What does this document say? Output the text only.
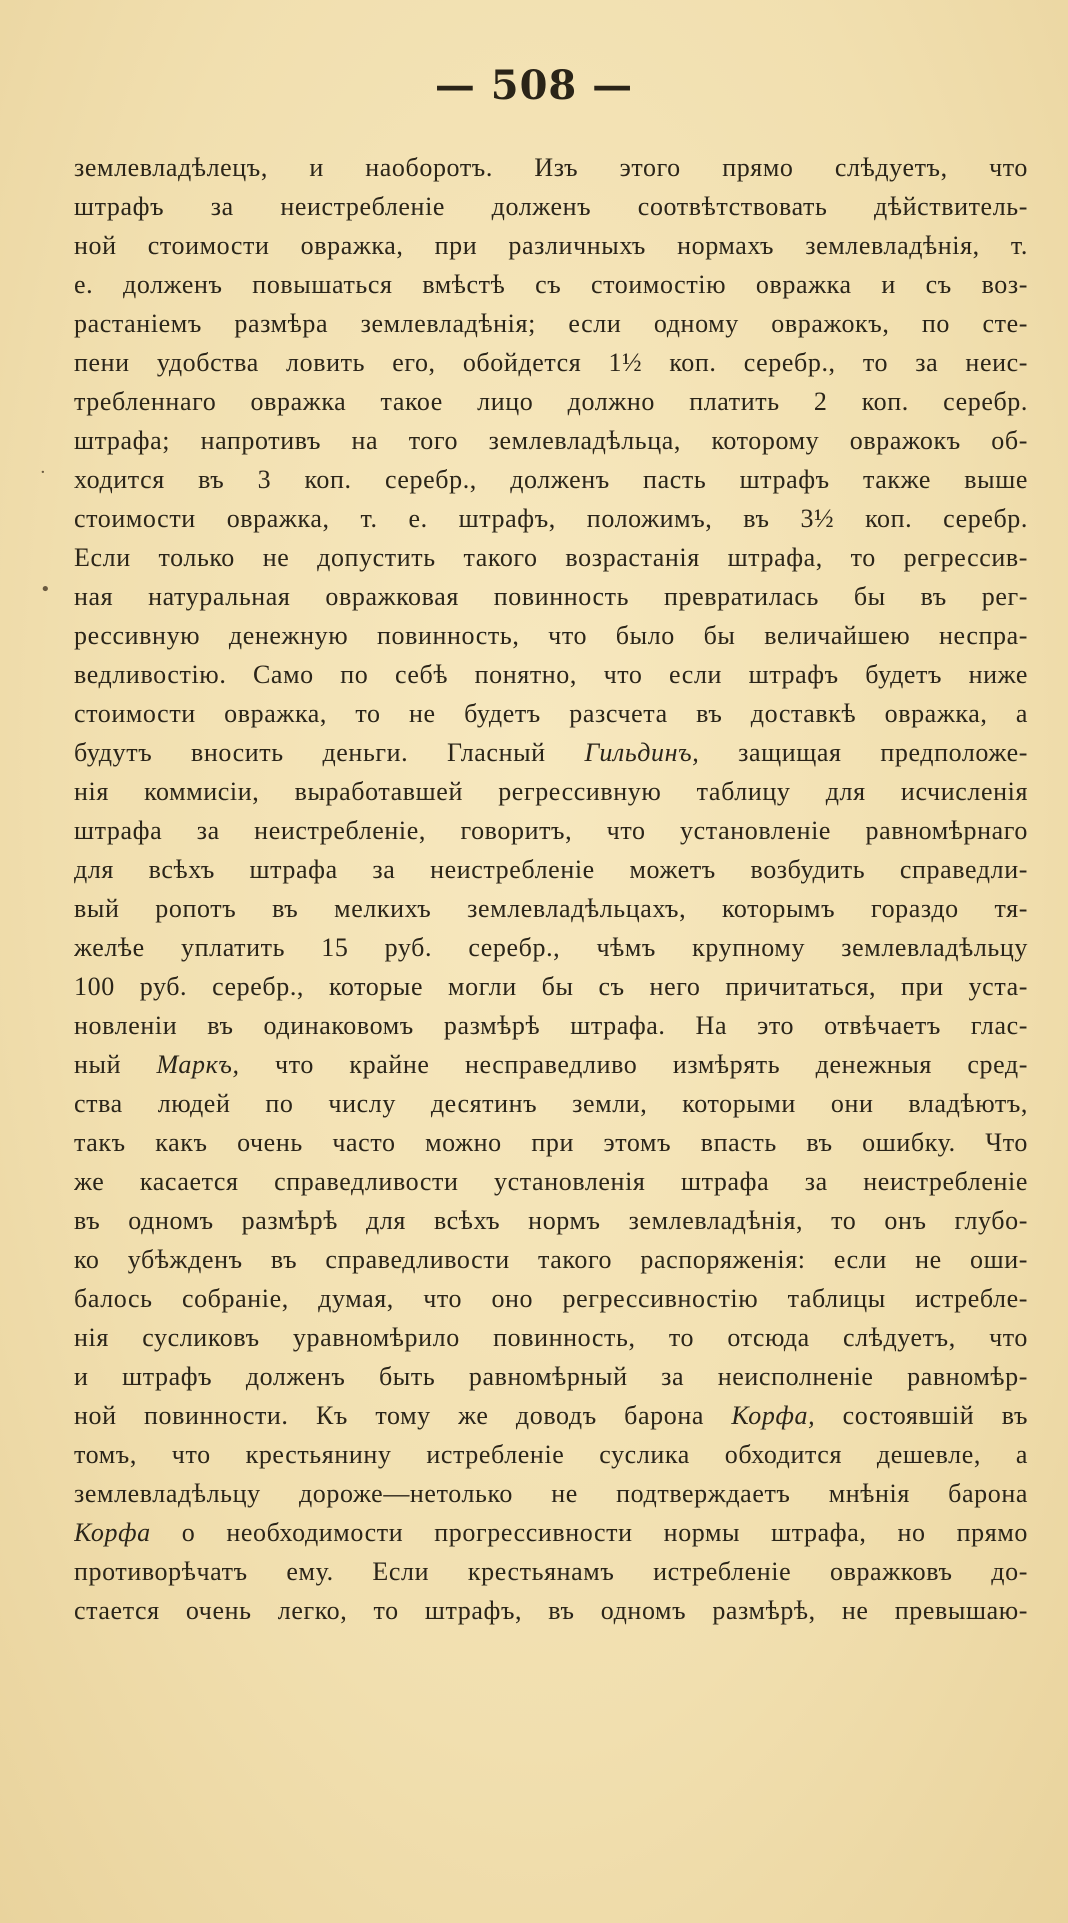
— 508 —
·
•
землевладѣлецъ, и наоборотъ. Изъ этого прямо слѣдуетъ, что
штрафъ за неистребленіе долженъ соотвѣтствовать дѣйствитель-
ной стоимости овражка, при различныхъ нормахъ землевладѣнія, т.
е. долженъ повышаться вмѣстѣ съ стоимостію овражка и съ воз-
растаніемъ размѣра землевладѣнія; если одному овражокъ, по сте-
пени удобства ловить его, обойдется 1½ коп. серебр., то за неис-
требленнаго овражка такое лицо должно платить 2 коп. серебр.
штрафа; напротивъ на того землевладѣльца, которому овражокъ об-
ходится въ 3 коп. серебр., долженъ пасть штрафъ также выше
стоимости овражка, т. е. штрафъ, положимъ, въ 3½ коп. серебр.
Если только не допустить такого возрастанія штрафа, то регрессив-
ная натуральная овражковая повинность превратилась бы въ рег-
рессивную денежную повинность, что было бы величайшею неспра-
ведливостію. Само по себѣ понятно, что если штрафъ будетъ ниже
стоимости овражка, то не будетъ разсчета въ доставкѣ овражка, а
будутъ вносить деньги. Гласный Гильдинъ, защищая предположе-
нія коммисіи, выработавшей регрессивную таблицу для исчисленія
штрафа за неистребленіе, говоритъ, что установленіе равномѣрнаго
для всѣхъ штрафа за неистребленіе можетъ возбудить справедли-
вый ропотъ въ мелкихъ землевладѣльцахъ, которымъ гораздо тя-
желѣе уплатить 15 руб. серебр., чѣмъ крупному землевладѣльцу
100 руб. серебр., которые могли бы съ него причитаться, при уста-
новленіи въ одинаковомъ размѣрѣ штрафа. На это отвѣчаетъ глас-
ный Маркъ, что крайне несправедливо измѣрять денежныя сред-
ства людей по числу десятинъ земли, которыми они владѣютъ,
такъ какъ очень часто можно при этомъ впасть въ ошибку. Что
же касается справедливости установленія штрафа за неистребленіе
въ одномъ размѣрѣ для всѣхъ нормъ землевладѣнія, то онъ глубо-
ко убѣжденъ въ справедливости такого распоряженія: если не оши-
балось собраніе, думая, что оно регрессивностію таблицы истребле-
нія сусликовъ уравномѣрило повинность, то отсюда слѣдуетъ, что
и штрафъ долженъ быть равномѣрный за неисполненіе равномѣр-
ной повинности. Къ тому же доводъ барона Корфа, состоявшій въ
томъ, что крестьянину истребленіе суслика обходится дешевле, а
землевладѣльцу дороже—нетолько не подтверждаетъ мнѣнія барона
Корфа о необходимости прогрессивности нормы штрафа, но прямо
противорѣчатъ ему. Если крестьянамъ истребленіе овражковъ до-
стается очень легко, то штрафъ, въ одномъ размѣрѣ, не превышаю-
